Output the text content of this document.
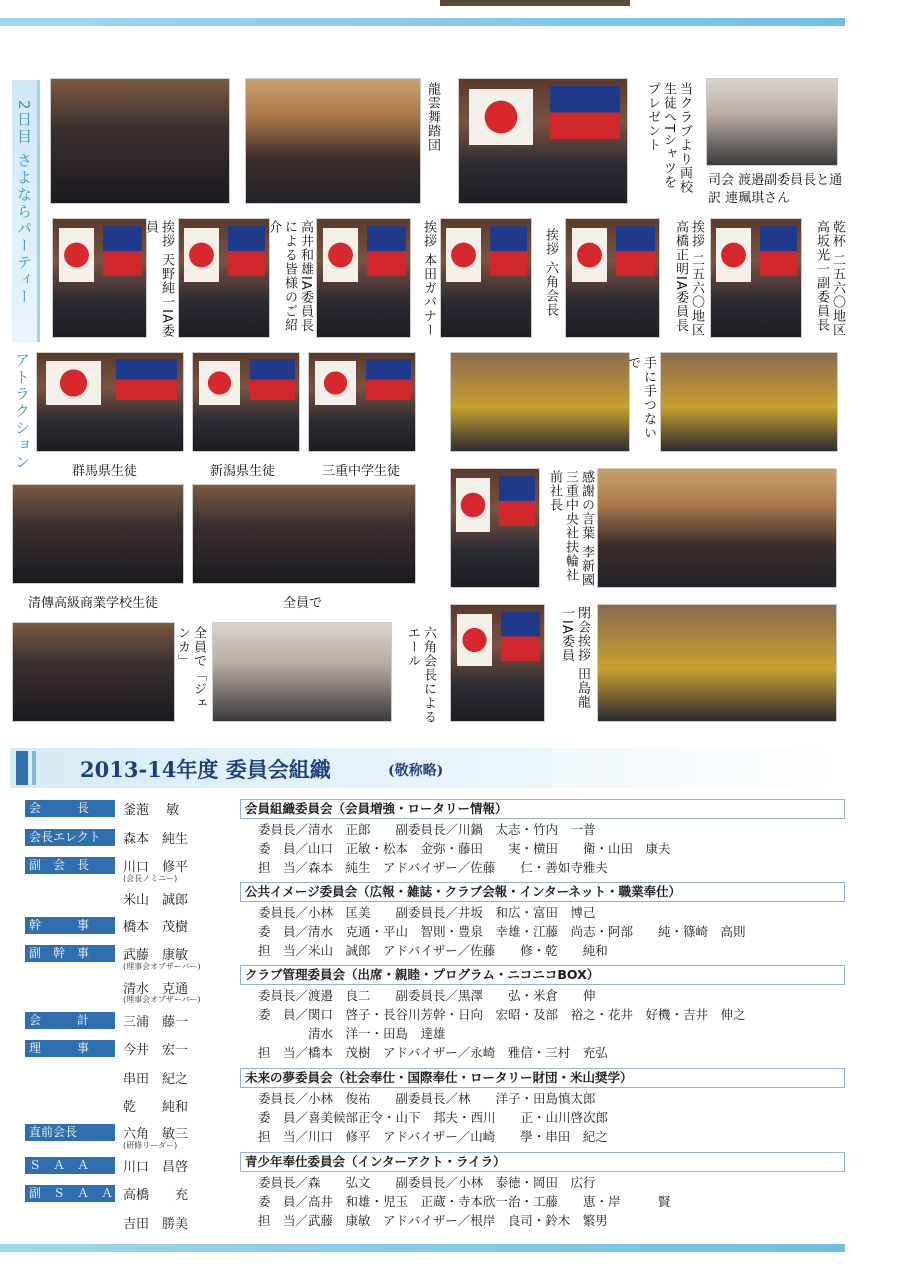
2日目 さよならパーティー	龍雲舞踏団	当クラブより両校生徒へTシャツをプレゼント
司会 渡邉副委員長と通訳 連珮琪さん
挨拶 天野純一IA委員	高井和雄IA委員長による皆様のご紹介	挨拶 本田ガバナー	挨拶 六角会長	挨拶 二五六〇地区高橋正明IA委員長	乾杯 二五六〇地区高坂光一副委員長
アトラクション
群馬県生徒	新潟県生徒	三重中学生徒
手に手つないで
清傳高級商業学校生徒	全員で
感謝の言葉 李新國三重中央社扶輪社前社長
全員で「ジェンカ」	六角会長によるエール	閉会挨拶 田島龍一IA委員
2013-14年度 委員会組織	(敬称略)
会　　　長	釜萢　 敏
会長エレクト	森本　純生
副　会　長	川口　修平
(会長ノミニー)
米山　誠郎
幹　　　事	橋本　茂樹
副　幹　事	武藤　康敏
(理事会オブザーバー)
清水　克通
(理事会オブザーバー)
会　　　計	三浦　藤一
理　　　事	今井　宏一
串田　紀之
乾　　純和
直前会長	六角　敏三
(研修リーダー)
Ｓ　Ａ　Ａ	川口　昌啓
副　Ｓ　Ａ　Ａ 高橋　　充
吉田　勝美
会員組織委員会（会員増強・ロータリー情報）
委員長／清水　正郎　　副委員長／川鍋　太志・竹内　一普
委　員／山口　正敏・松本　金弥・藤田　　実・横田　　衛・山田　康夫
担　当／森本　純生　アドバイザー／佐藤　　仁・善如寺雅夫
公共イメージ委員会（広報・雑誌・クラブ会報・インターネット・職業奉仕）
委員長／小林　匡美　　副委員長／井坂　和広・富田　博己
委　員／清水　克通・平山　智則・豊泉　幸雄・江藤　尚志・阿部　　純・篠崎　高則
担　当／米山　誠郎　アドバイザー／佐藤　　修・乾　　純和
クラブ管理委員会（出席・親睦・プログラム・ニコニコBOX）
委員長／渡邉　良二　　副委員長／黒澤　　弘・米倉　　伸
委　員／関口　啓子・長谷川芳幹・日向　宏昭・及部　裕之・花井　好機・吉井　伸之
　　　　清水　洋一・田島　達雄
担　当／橋本　茂樹　アドバイザー／永崎　雅信・三村　充弘
未来の夢委員会（社会奉仕・国際奉仕・ロータリー財団・米山奨学）
委員長／小林　俊祐　　副委員長／林　　洋子・田島慎太郎
委　員／喜美候部正令・山下　邦夫・西川　　正・山川啓次郎
担　当／川口　修平　アドバイザー／山崎　　學・串田　紀之
青少年奉仕委員会（インターアクト・ライラ）
委員長／森　　弘文　　副委員長／小林　泰徳・岡田　広行
委　員／高井　和雄・児玉　正蔵・寺本欣一治・工藤　　恵・岸　　　賢
担　当／武藤　康敏　アドバイザー／根岸　良司・鈴木　繁男
